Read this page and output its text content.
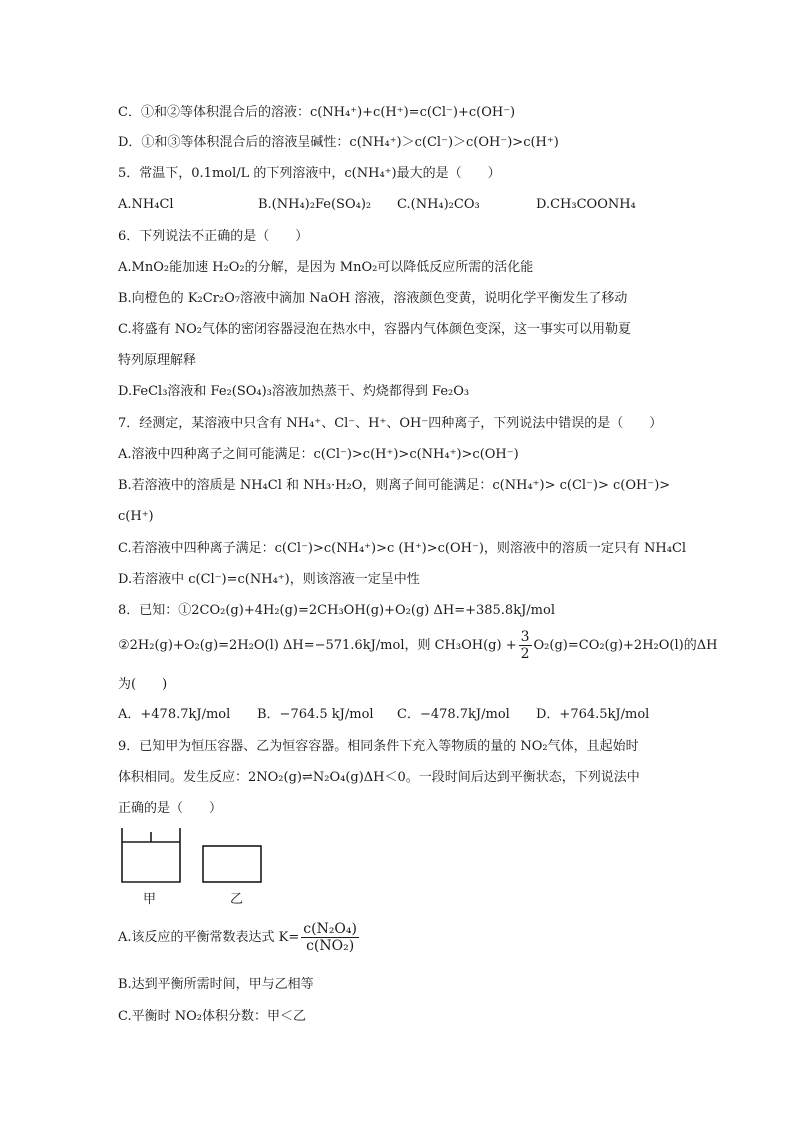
C．①和②等体积混合后的溶液：c(NH₄⁺)+c(H⁺)=c(Cl⁻)+c(OH⁻)
D．①和③等体积混合后的溶液呈碱性：c(NH₄⁺)＞c(Cl⁻)＞c(OH⁻)>c(H⁺)
5．常温下，0.1mol/L 的下列溶液中，c(NH₄⁺)最大的是（　　）
A.NH₄Cl	B.(NH₄)₂Fe(SO₄)₂ C.(NH₄)₂CO₃	D.CH₃COONH₄
6．下列说法不正确的是（　　）
A.MnO₂能加速 H₂O₂的分解，是因为 MnO₂可以降低反应所需的活化能
B.向橙色的 K₂Cr₂O₇溶液中滴加 NaOH 溶液，溶液颜色变黄，说明化学平衡发生了移动
C.将盛有 NO₂气体的密闭容器浸泡在热水中，容器内气体颜色变深，这一事实可以用勒夏
特列原理解释
D.FeCl₃溶液和 Fe₂(SO₄)₃溶液加热蒸干、灼烧都得到 Fe₂O₃
7．经测定，某溶液中只含有 NH₄⁺、Cl⁻、H⁺、OH⁻四种离子，下列说法中错误的是（　　）
A.溶液中四种离子之间可能满足：c(Cl⁻)>c(H⁺)>c(NH₄⁺)>c(OH⁻)
B.若溶液中的溶质是 NH₄Cl 和 NH₃·H₂O，则离子间可能满足：c(NH₄⁺)> c(Cl⁻)> c(OH⁻)>
c(H⁺)
C.若溶液中四种离子满足：c(Cl⁻)>c(NH₄⁺)>c (H⁺)>c(OH⁻)，则溶液中的溶质一定只有 NH₄Cl
D.若溶液中 c(Cl⁻)=c(NH₄⁺)，则该溶液一定呈中性
8．已知：①2CO₂(g)+4H₂(g)=2CH₃OH(g)+O₂(g) ΔH=+385.8kJ/mol
②2H₂(g)+O₂(g)=2H₂O(l) ΔH=−571.6kJ/mol，则 $CH_3OH(g) + \frac{3}{2} O_2(g)=CO_2(g)+2H_2O(l)$的ΔH
为(　　)
A．+478.7kJ/mol B．−764.5 kJ/mol C．−478.7kJ/mol D．+764.5kJ/mol
9．已知甲为恒压容器、乙为恒容容器。相同条件下充入等物质的量的 NO₂气体，且起始时
体积相同。发生反应：2NO₂(g)⇌N₂O₄(g)ΔH＜0。一段时间后达到平衡状态，下列说法中
正确的是（　　）
甲	乙
A.该反应的平衡常数表达式 $K= \frac{\text{c(N₂O₄)}}{\text{c(NO₂)}}$
B.达到平衡所需时间，甲与乙相等
C.平衡时 NO₂体积分数：甲＜乙
